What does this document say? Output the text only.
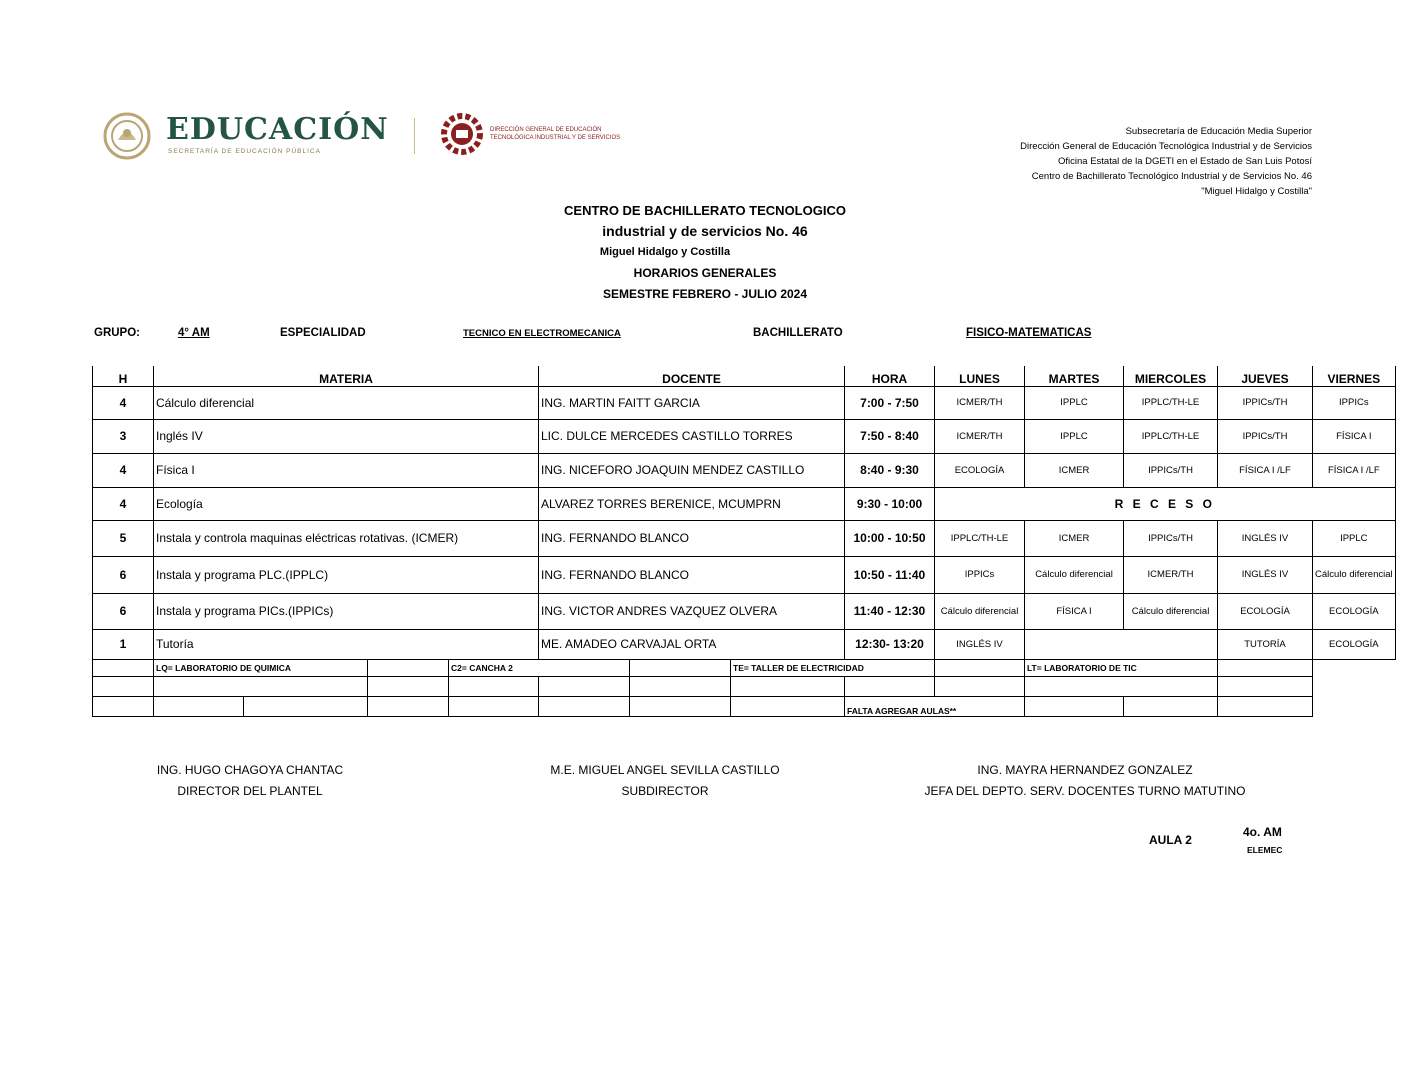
EDUCACIÓN
SECRETARÍA DE EDUCACIÓN PÚBLICA
DIRECCIÓN GENERAL DE EDUCACIÓN
TECNOLÓGICA INDUSTRIAL Y DE SERVICIOS
Subsecretaría de Educación Media Superior
Dirección General de Educación Tecnológica Industrial y de Servicios
Oficina Estatal de la DGETI en el Estado de San Luis Potosí
Centro de Bachillerato Tecnológico Industrial y de Servicios No. 46
"Miguel Hidalgo y Costilla"
CENTRO DE BACHILLERATO TECNOLOGICO
industrial y de servicios No. 46
Miguel Hidalgo y Costilla
HORARIOS GENERALES
SEMESTRE FEBRERO - JULIO 2024
GRUPO:	4° AM	ESPECIALIDAD	TECNICO EN ELECTROMECANICA	BACHILLERATO	FISICO-MATEMATICAS
H	MATERIA				DOCENTE			HORA	LUNES	MARTES	MIERCOLES	JUEVES	VIERNES
4	Cálculo diferencial				ING. MARTIN FAITT GARCIA			7:00 - 7:50	ICMER/TH	IPPLC	IPPLC/TH-LE	IPPICs/TH	IPPICs
3	Inglés IV				LIC. DULCE MERCEDES CASTILLO TORRES			7:50 - 8:40	ICMER/TH	IPPLC	IPPLC/TH-LE	IPPICs/TH	FÍSICA I
4	Física I				ING. NICEFORO JOAQUIN MENDEZ CASTILLO			8:40 - 9:30	ECOLOGÍA	ICMER	IPPICs/TH	FÍSICA I /LF	FÍSICA I /LF
4	Ecología				ALVAREZ TORRES BERENICE, MCUMPRN			9:30 - 10:00	R E C E S O				
5	Instala y controla maquinas eléctricas rotativas. (ICMER)				ING. FERNANDO BLANCO			10:00 - 10:50	IPPLC/TH-LE	ICMER	IPPICs/TH	INGLÉS IV	IPPLC
6	Instala y programa PLC.(IPPLC)				ING. FERNANDO BLANCO			10:50 - 11:40	IPPICs	Cálculo diferencial	ICMER/TH	INGLÉS IV	Cálculo diferencial
6	Instala y programa PICs.(IPPICs)				ING. VICTOR ANDRES VAZQUEZ OLVERA			11:40 - 12:30	Cálculo diferencial	FÍSICA I	Cálculo diferencial	ECOLOGÍA	ECOLOGÍA
1	Tutoría				ME. AMADEO CARVAJAL ORTA			12:30- 13:20	INGLÉS IV			TUTORÍA	ECOLOGÍA
	LQ= LABORATORIO DE QUIMICA			C2= CANCHA 2			TE= TALLER DE ELECTRICIDAD			LT= LABORATORIO DE TIC			

								FALTA AGREGAR AULAS**					
ING. HUGO CHAGOYA CHANTAC
DIRECTOR DEL PLANTEL
M.E. MIGUEL ANGEL SEVILLA CASTILLO
SUBDIRECTOR
ING. MAYRA HERNANDEZ GONZALEZ
JEFA DEL DEPTO. SERV. DOCENTES TURNO MATUTINO
AULA 2
4o. AM
ELEMEC
